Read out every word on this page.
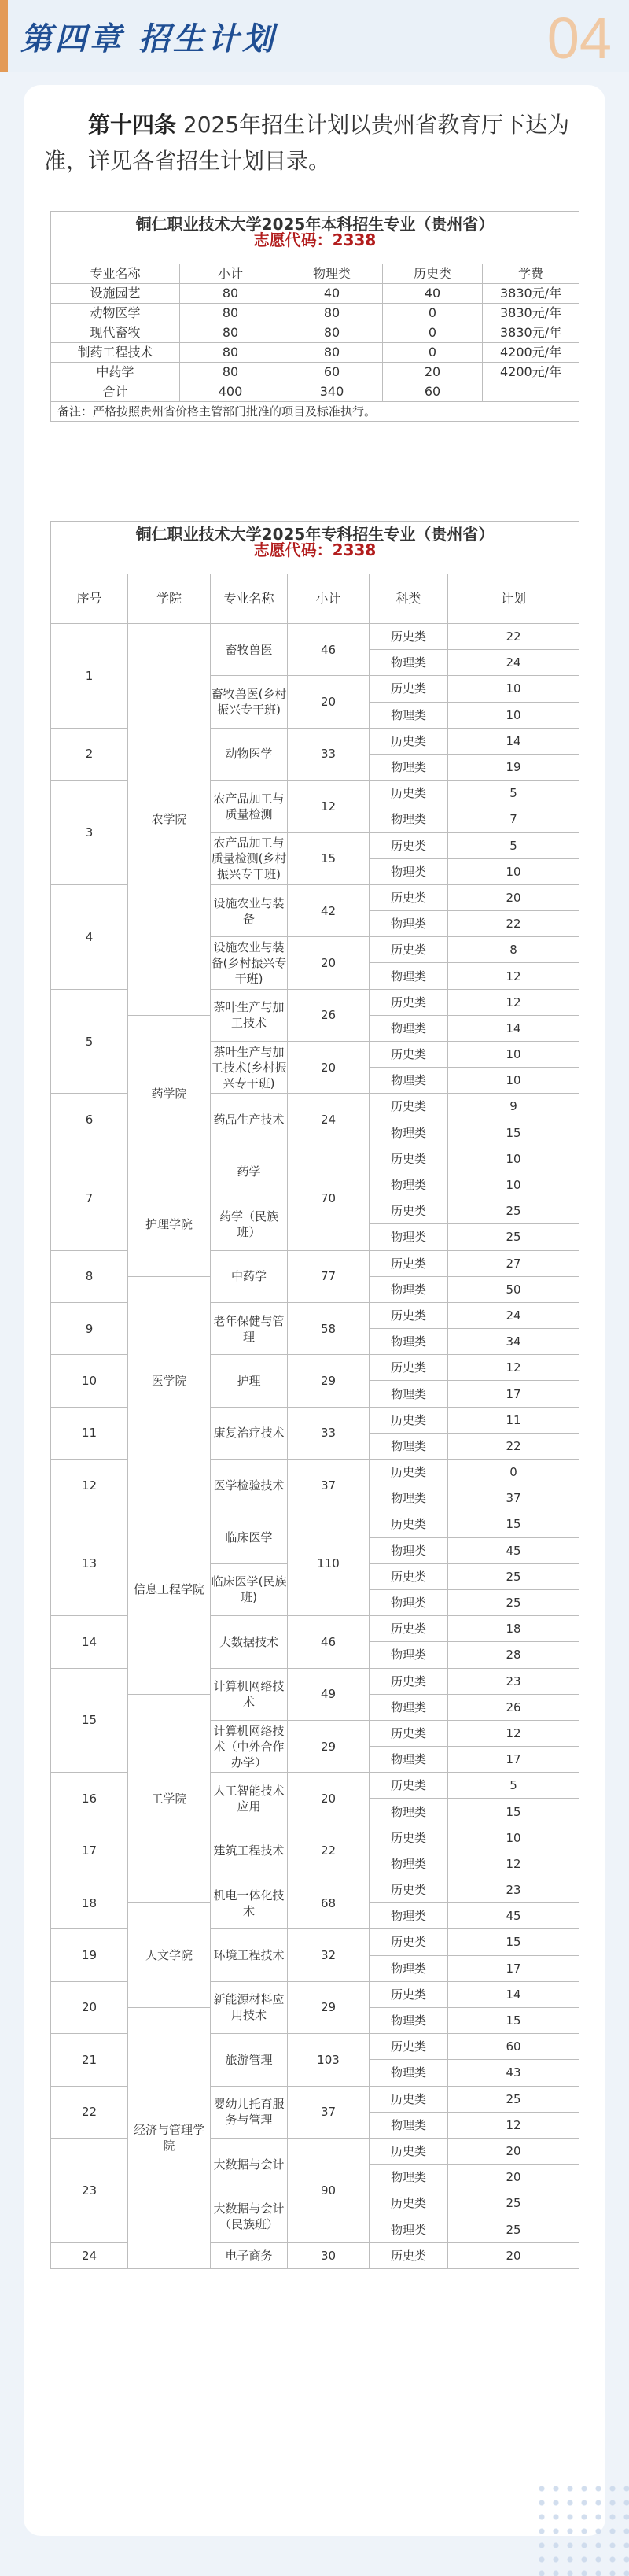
第四章 招生计划	04
第十四条 2025年招生计划以贵州省教育厅下达为准，详见各省招生计划目录。
铜仁职业技术大学2025年本科招生专业（贵州省）
志愿代码：2338				

专业名称	小计	物理类	历史类	学费
设施园艺	80	40	40	3830元/年
动物医学	80	80	0	3830元/年
现代畜牧	80	80	0	3830元/年
制药工程技术	80	80	0	4200元/年
中药学	80	60	20	4200元/年
合计	400	340	60	
备注：严格按照贵州省价格主管部门批准的项目及标准执行。				
铜仁职业技术大学2025年专科招生专业（贵州省）
志愿代码：2338					

序号	学院	专业名称	小计	科类	计划
1	农学院	畜牧兽医	46	历史类	22
				物理类	24
		畜牧兽医(乡村振兴专干班)	20	历史类	10
				物理类	10
2		动物医学	33	历史类	14
				物理类	19
3		农产品加工与质量检测	12	历史类	5
				物理类	7
		农产品加工与质量检测(乡村振兴专干班)	15	历史类	5
				物理类	10
4		设施农业与装备	42	历史类	20
				物理类	22
		设施农业与装备(乡村振兴专干班)	20	历史类	8
				物理类	12
5		茶叶生产与加工技术	26	历史类	12
	药学院			物理类	14
		茶叶生产与加工技术(乡村振兴专干班)	20	历史类	10
				物理类	10
6		药品生产技术	24	历史类	9
				物理类	15
7		药学	70	历史类	10
	护理学院			物理类	10
		药学（民族班）		历史类	25
				物理类	25
8		中药学	77	历史类	27
	医学院			物理类	50
9		老年保健与管理	58	历史类	24
				物理类	34
10		护理	29	历史类	12
				物理类	17
11		康复治疗技术	33	历史类	11
				物理类	22
12		医学检验技术	37	历史类	0
	信息工程学院			物理类	37
13		临床医学	110	历史类	15
				物理类	45
		临床医学(民族班)		历史类	25
				物理类	25
14		大数据技术	46	历史类	18
				物理类	28
15		计算机网络技术	49	历史类	23
	工学院			物理类	26
		计算机网络技术（中外合作办学）	29	历史类	12
				物理类	17
16		人工智能技术应用	20	历史类	5
				物理类	15
17		建筑工程技术	22	历史类	10
				物理类	12
18		机电一体化技术	68	历史类	23
	人文学院			物理类	45
19		环境工程技术	32	历史类	15
				物理类	17
20		新能源材料应用技术	29	历史类	14
	经济与管理学院			物理类	15
21		旅游管理	103	历史类	60
				物理类	43
22		婴幼儿托育服务与管理	37	历史类	25
				物理类	12
23		大数据与会计	90	历史类	20
				物理类	20
		大数据与会计（民族班）		历史类	25
				物理类	25
24		电子商务	30	历史类	20
